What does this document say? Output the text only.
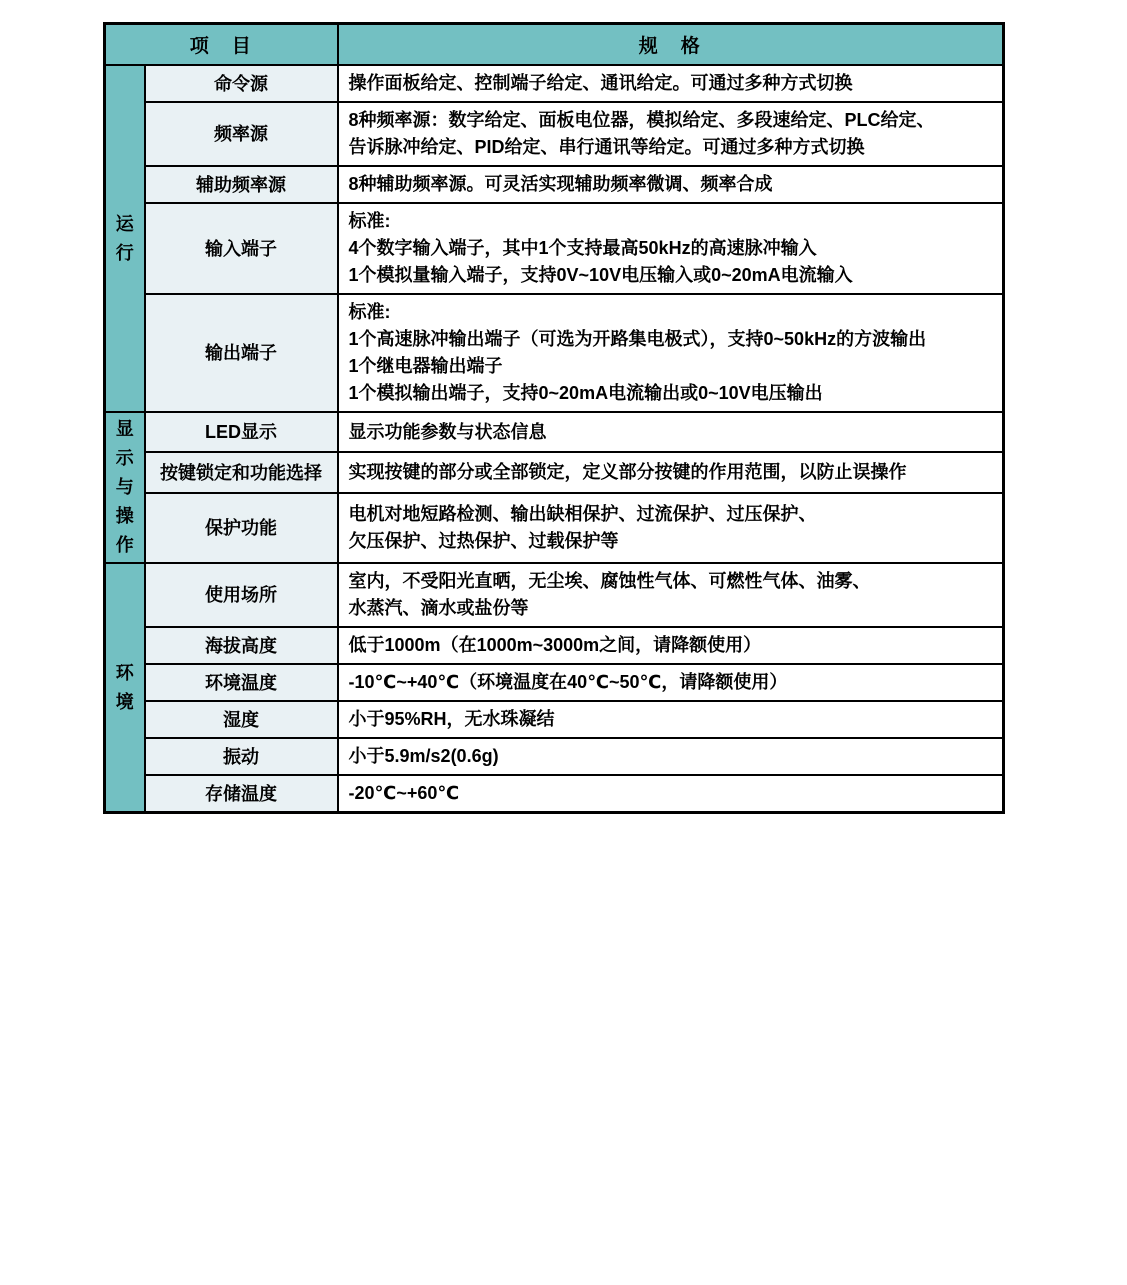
项　目		规　格

运
行	命令源	操作面板给定、控制端子给定、通讯给定。可通过多种方式切换
	频率源	8种频率源：数字给定、面板电位器，模拟给定、多段速给定、PLC给定、
告诉脉冲给定、PID给定、串行通讯等给定。可通过多种方式切换
	辅助频率源	8种辅助频率源。可灵活实现辅助频率微调、频率合成
	输入端子	标准:
4个数字输入端子，其中1个支持最高50kHz的高速脉冲输入
1个模拟量输入端子，支持0V~10V电压输入或0~20mA电流输入
	输出端子	标准:
1个高速脉冲输出端子（可选为开路集电极式），支持0~50kHz的方波输出
1个继电器输出端子
1个模拟输出端子，支持0~20mA电流输出或0~10V电压输出

显
示
与
操
作	LED显示	显示功能参数与状态信息
	按键锁定和功能选择	实现按键的部分或全部锁定，定义部分按键的作用范围，以防止误操作
	保护功能	电机对地短路检测、输出缺相保护、过流保护、过压保护、
欠压保护、过热保护、过载保护等

环
境
	使用场所	室内，不受阳光直晒，无尘埃、腐蚀性气体、可燃性气体、油雾、
水蒸汽、滴水或盐份等
	海拔高度	低于1000m（在1000m~3000m之间，请降额使用）
	环境温度	-10℃~+40℃（环境温度在40℃~50℃，请降额使用）
	湿度	小于95%RH，无水珠凝结
	振动	小于5.9m/s2(0.6g)
	存储温度	-20℃~+60℃
